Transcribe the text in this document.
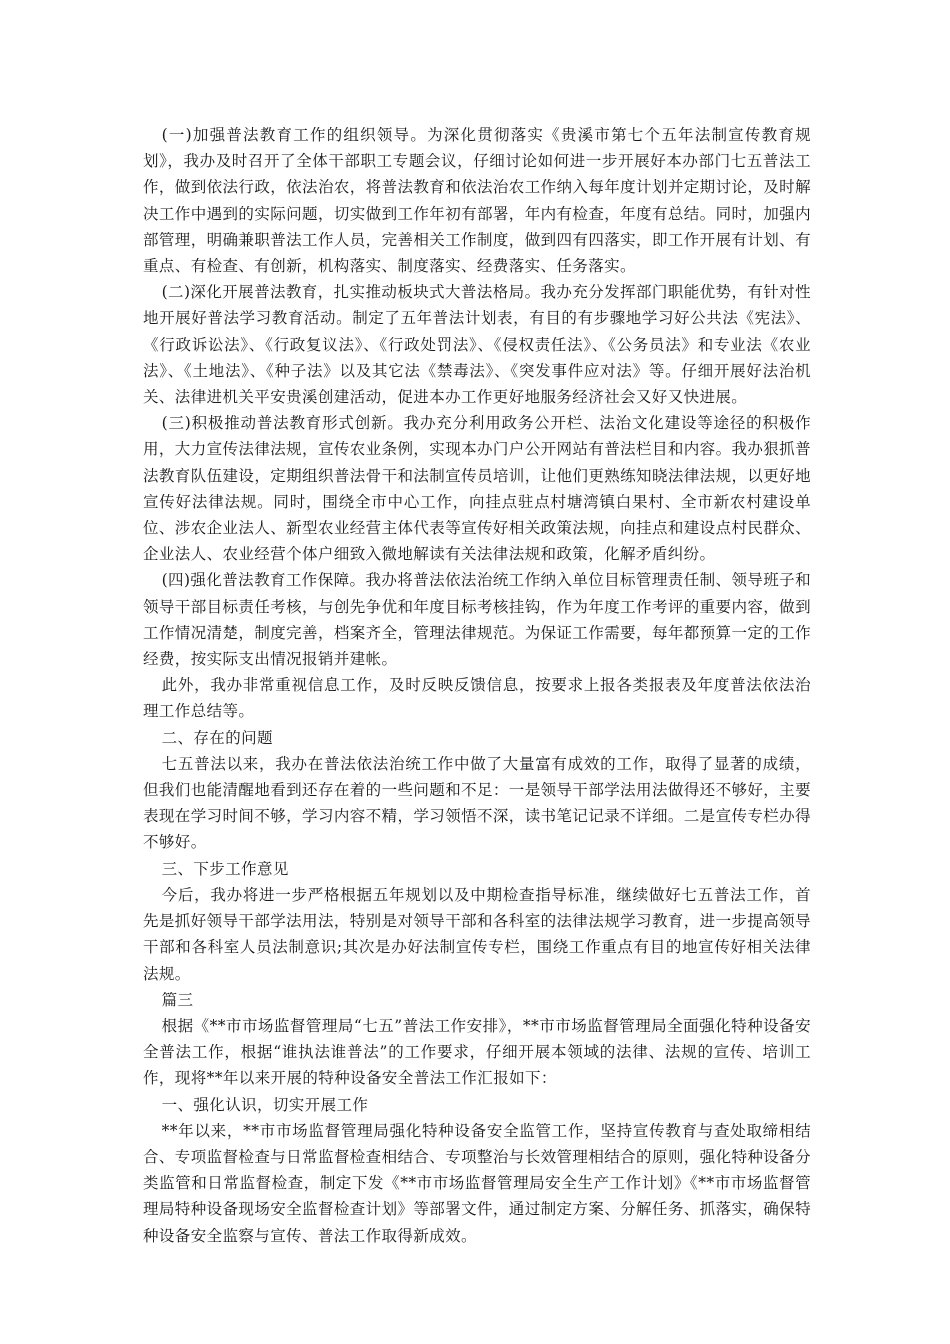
(一)加强普法教育工作的组织领导。为深化贯彻落实《贵溪市第七个五年法制宣传教育规划》，我办及时召开了全体干部职工专题会议，仔细讨论如何进一步开展好本办部门七五普法工作，做到依法行政，依法治农，将普法教育和依法治农工作纳入每年度计划并定期讨论，及时解决工作中遇到的实际问题，切实做到工作年初有部署，年内有检查，年度有总结。同时，加强内部管理，明确兼职普法工作人员，完善相关工作制度，做到四有四落实，即工作开展有计划、有重点、有检查、有创新，机构落实、制度落实、经费落实、任务落实。

(二)深化开展普法教育，扎实推动板块式大普法格局。我办充分发挥部门职能优势，有针对性地开展好普法学习教育活动。制定了五年普法计划表，有目的有步骤地学习好公共法《宪法》、《行政诉讼法》、《行政复议法》、《行政处罚法》、《侵权责任法》、《公务员法》和专业法《农业法》、《土地法》、《种子法》以及其它法《禁毒法》、《突发事件应对法》等。仔细开展好法治机关、法律进机关平安贵溪创建活动，促进本办工作更好地服务经济社会又好又快进展。

(三)积极推动普法教育形式创新。我办充分利用政务公开栏、法治文化建设等途径的积极作用，大力宣传法律法规，宣传农业条例，实现本办门户公开网站有普法栏目和内容。我办狠抓普法教育队伍建设，定期组织普法骨干和法制宣传员培训，让他们更熟练知晓法律法规，以更好地宣传好法律法规。同时，围绕全市中心工作，向挂点驻点村塘湾镇白果村、全市新农村建设单位、涉农企业法人、新型农业经营主体代表等宣传好相关政策法规，向挂点和建设点村民群众、企业法人、农业经营个体户细致入微地解读有关法律法规和政策，化解矛盾纠纷。

(四)强化普法教育工作保障。我办将普法依法治统工作纳入单位目标管理责任制、领导班子和领导干部目标责任考核，与创先争优和年度目标考核挂钩，作为年度工作考评的重要内容，做到工作情况清楚，制度完善，档案齐全，管理法律规范。为保证工作需要，每年都预算一定的工作经费，按实际支出情况报销并建帐。

此外，我办非常重视信息工作，及时反映反馈信息，按要求上报各类报表及年度普法依法治理工作总结等。

二、存在的问题

七五普法以来，我办在普法依法治统工作中做了大量富有成效的工作，取得了显著的成绩，但我们也能清醒地看到还存在着的一些问题和不足：一是领导干部学法用法做得还不够好，主要表现在学习时间不够，学习内容不精，学习领悟不深，读书笔记记录不详细。二是宣传专栏办得不够好。

三、下步工作意见

今后，我办将进一步严格根据五年规划以及中期检查指导标准，继续做好七五普法工作，首先是抓好领导干部学法用法，特别是对领导干部和各科室的法律法规学习教育，进一步提高领导干部和各科室人员法制意识;其次是办好法制宣传专栏，围绕工作重点有目的地宣传好相关法律法规。

篇三

根据《**市市场监督管理局“七五”普法工作安排》，**市市场监督管理局全面强化特种设备安全普法工作，根据“谁执法谁普法”的工作要求，仔细开展本领域的法律、法规的宣传、培训工作，现将**年以来开展的特种设备安全普法工作汇报如下：

一、强化认识，切实开展工作

**年以来，**市市场监督管理局强化特种设备安全监管工作，坚持宣传教育与查处取缔相结合、专项监督检查与日常监督检查相结合、专项整治与长效管理相结合的原则，强化特种设备分类监管和日常监督检查，制定下发《**市市场监督管理局安全生产工作计划》《**市市场监督管理局特种设备现场安全监督检查计划》等部署文件，通过制定方案、分解任务、抓落实，确保特种设备安全监察与宣传、普法工作取得新成效。
